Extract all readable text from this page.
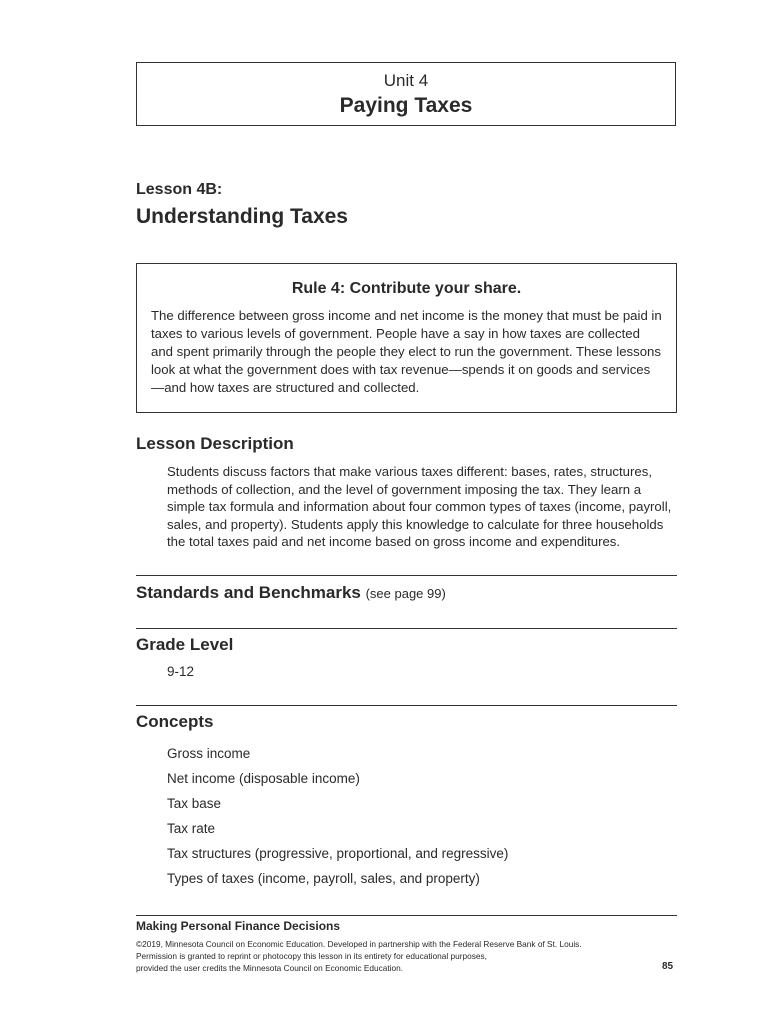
Unit 4
Paying Taxes
Lesson 4B:
Understanding Taxes
Rule 4: Contribute your share.
The difference between gross income and net income is the money that must be paid in taxes to various levels of government. People have a say in how taxes are collected and spent primarily through the people they elect to run the government. These lessons look at what the government does with tax revenue—spends it on goods and services—and how taxes are structured and collected.
Lesson Description
Students discuss factors that make various taxes different: bases, rates, structures, methods of collection, and the level of government imposing the tax. They learn a simple tax formula and information about four common types of taxes (income, payroll, sales, and property). Students apply this knowledge to calculate for three households the total taxes paid and net income based on gross income and expenditures.
Standards and Benchmarks (see page 99)
Grade Level
9-12
Concepts
Gross income
Net income (disposable income)
Tax base
Tax rate
Tax structures (progressive, proportional, and regressive)
Types of taxes (income, payroll, sales, and property)
Making Personal Finance Decisions
©2019, Minnesota Council on Economic Education. Developed in partnership with the Federal Reserve Bank of St. Louis.
Permission is granted to reprint or photocopy this lesson in its entirety for educational purposes,
provided the user credits the Minnesota Council on Economic Education.	85
